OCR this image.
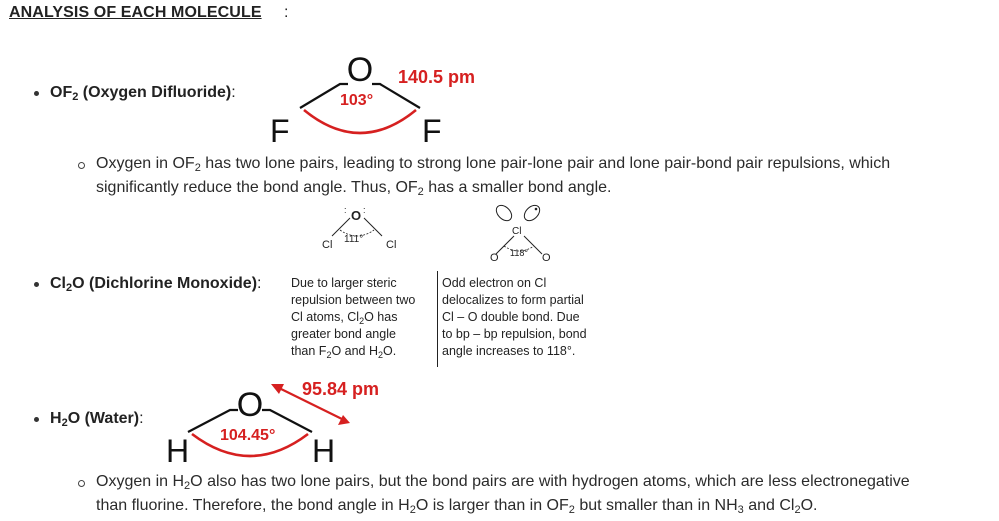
ANALYSIS OF EACH MOLECULE :
$OF_2$ (Oxygen Difluoride) :
O
F	F
103°
140.5 pm
Oxygen in $OF_2$ has two lone pairs, leading to strong lone pair-lone pair and lone pair-bond pair repulsions, which
significantly reduce the bond angle. Thus, $OF_2$ has a smaller bond angle.
O
: :
Cl	Cl
111°
Cl
O	O
118°
$Cl_2O$ (Dichlorine Monoxide) : Due to larger steric
repulsion between two
Cl atoms, $Cl_2O$ has
greater bond angle
than $F_2O$ and $H_2O$.
Odd electron on Cl
delocalizes to form partial
Cl – O double bond. Due
to bp – bp repulsion, bond
angle increases to 118°.
O
H	H
104.45°
95.84 pm
$H_2O$ (Water) :
Oxygen in $H_2O$ also has two lone pairs, but the bond pairs are with hydrogen atoms, which are less electronegative
than fluorine. Therefore, the bond angle in $H_2O$ is larger than in $OF_2$ but smaller than in $NH_3$ and $Cl_2O$.
